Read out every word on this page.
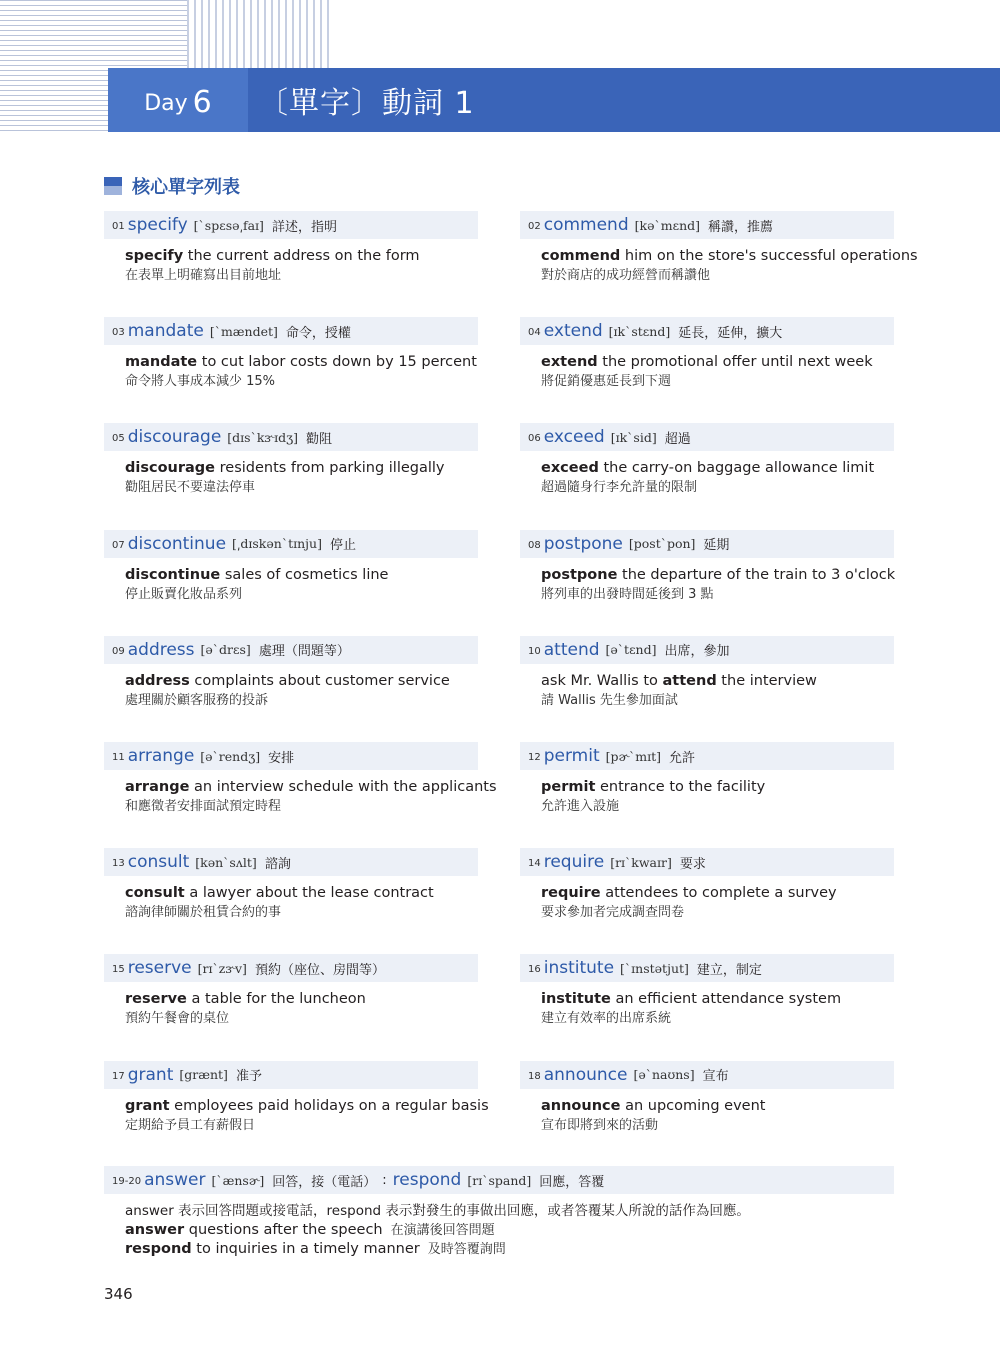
Day 6 〔單字〕動詞 1
核心單字列表
01 specify [ˋspɛsə͵faɪ] 詳述，指明
specify the current address on the form
在表單上明確寫出目前地址
02 commend [kəˋmɛnd] 稱讚，推薦
commend him on the store's successful operations
對於商店的成功經營而稱讚他
03 mandate [ˋmændet] 命令，授權
mandate to cut labor costs down by 15 percent
命令將人事成本減少 15%
04 extend [ɪkˋstɛnd] 延長，延伸，擴大
extend the promotional offer until next week
將促銷優惠延長到下週
05 discourage [dɪsˋkɝɪdʒ] 勸阻
discourage residents from parking illegally
勸阻居民不要違法停車
06 exceed [ɪkˋsid] 超過
exceed the carry-on baggage allowance limit
超過隨身行李允許量的限制
07 discontinue [͵dɪskənˋtɪnju] 停止
discontinue sales of cosmetics line
停止販賣化妝品系列
08 postpone [postˋpon] 延期
postpone the departure of the train to 3 o'clock
將列車的出發時間延後到 3 點
09 address [əˋdrɛs] 處理（問題等）
address complaints about customer service
處理關於顧客服務的投訴
10 attend [əˋtɛnd] 出席，參加
ask Mr. Wallis to attend the interview
請 Wallis 先生參加面試
11 arrange [əˋrendʒ] 安排
arrange an interview schedule with the applicants
和應徵者安排面試預定時程
12 permit [pɚˋmɪt] 允許
permit entrance to the facility
允許進入設施
13 consult [kənˋsʌlt] 諮詢
consult a lawyer about the lease contract
諮詢律師關於租賃合約的事
14 require [rɪˋkwaɪr] 要求
require attendees to complete a survey
要求參加者完成調查問卷
15 reserve [rɪˋzɝv] 預約（座位、房間等）
reserve a table for the luncheon
預約午餐會的桌位
16 institute [ˋɪnstətjut] 建立，制定
institute an efficient attendance system
建立有效率的出席系統
17 grant [grænt] 准予
grant employees paid holidays on a regular basis
定期給予員工有薪假日
18 announce [əˋnaʊns] 宣布
announce an upcoming event
宣布即將到來的活動
19-20 answer [ˋænsɚ] 回答，接（電話） : respond [rɪˋspand] 回應，答覆
answer 表示回答問題或接電話，respond 表示對發生的事做出回應，或者答覆某人所說的話作為回應。
answer questions after the speech 在演講後回答問題
respond to inquiries in a timely manner 及時答覆詢問
346
